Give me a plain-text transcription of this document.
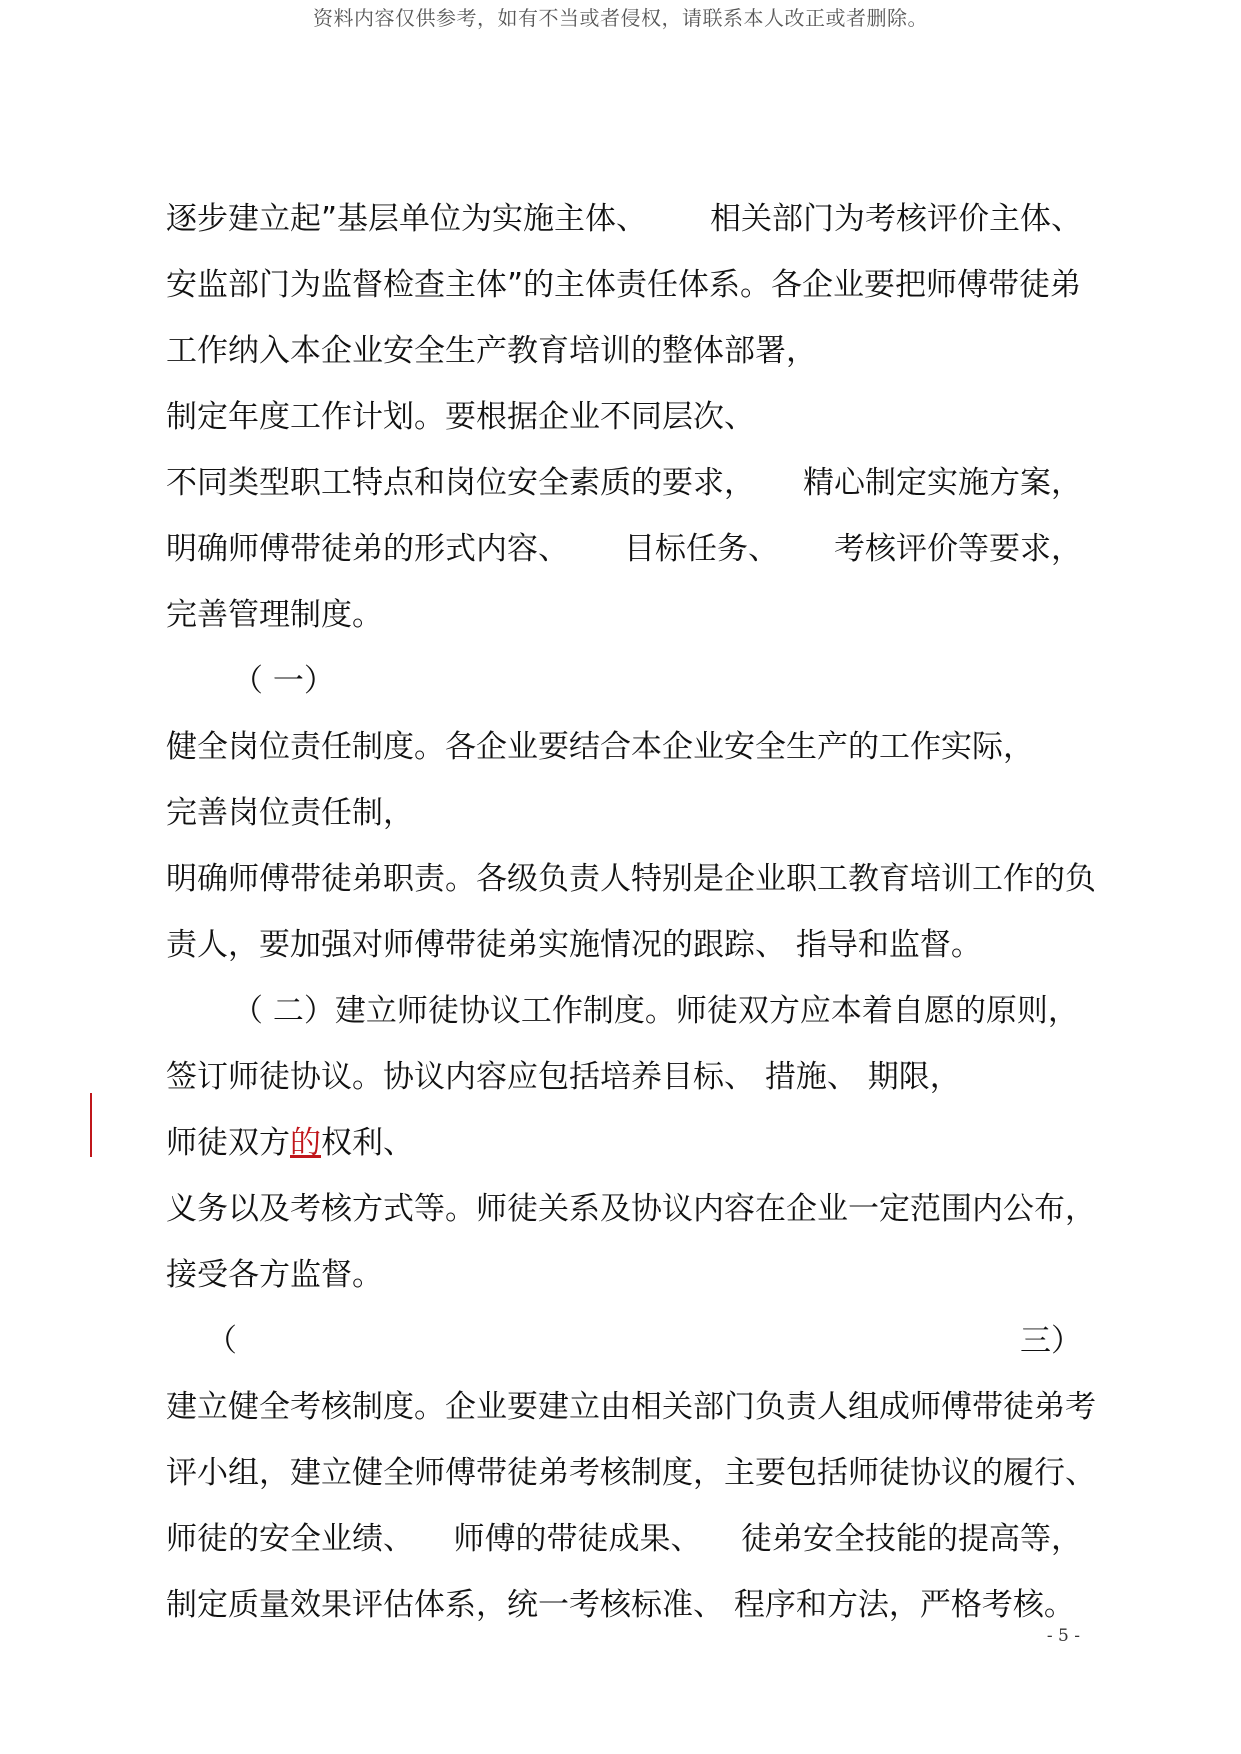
资料内容仅供参考，如有不当或者侵权，请联系本人改正或者删除。
逐步建立起”基层单位为实施主体、 相关部门为考核评价主体、
安监部门为监督检查主体”的主体责任体系。各企业要把师傅带徒弟
工作纳入本企业安全生产教育培训的整体部署，
制定年度工作计划。要根据企业不同层次、
不同类型职工特点和岗位安全素质的要求， 精心制定实施方案，
明确师傅带徒弟的形式内容、 目标任务、 考核评价等要求，
完善管理制度。
（ 一）
健全岗位责任制度。各企业要结合本企业安全生产的工作实际，
完善岗位责任制，
明确师傅带徒弟职责。各级负责人特别是企业职工教育培训工作的负
责人，要加强对师傅带徒弟实施情况的跟踪、 指导和监督。
（ 二）建立师徒协议工作制度。师徒双方应本着自愿的原则，
签订师徒协议。协议内容应包括培养目标、 措施、 期限，
师徒双方 的 权利、
义务以及考核方式等。师徒关系及协议内容在企业一定范围内公布，
接受各方监督。
（	三）
建立健全考核制度。企业要建立由相关部门负责人组成师傅带徒弟考
评小组，建立健全师傅带徒弟考核制度，主要包括师徒协议的履行、
师徒的安全业绩、 师傅的带徒成果、 徒弟安全技能的提高等，
制定质量效果评估体系，统一考核标准、 程序和方法，严格考核。
- 5 -
